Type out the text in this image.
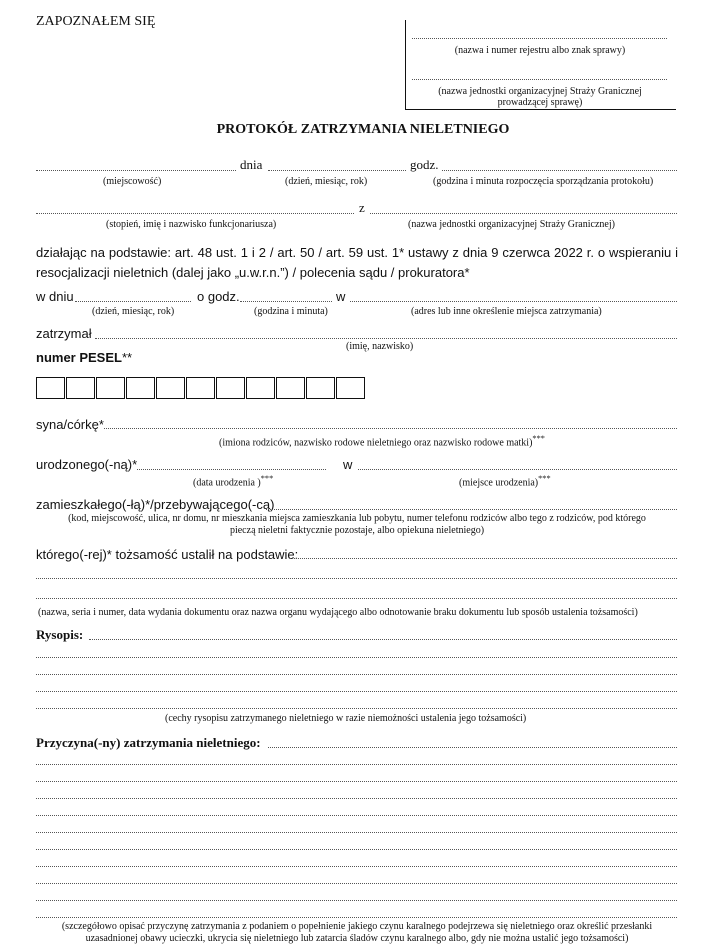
ZAPOZNAŁEM SIĘ
(nazwa i numer rejestru albo znak sprawy)
(nazwa jednostki organizacyjnej Straży Granicznej
prowadzącej sprawę)
PROTOKÓŁ ZATRZYMANIA NIELETNIEGO
dnia	godz.
(miejscowość)	(dzień, miesiąc, rok)	(godzina i minuta rozpoczęcia sporządzania protokołu)
z
(stopień, imię i nazwisko funkcjonariusza)	(nazwa jednostki organizacyjnej Straży Granicznej)
działając na podstawie: art. 48 ust. 1 i 2 / art. 50 / art. 59 ust. 1* ustawy z dnia 9 czerwca 2022 r. o wspieraniu i resocjalizacji nieletnich (dalej jako „u.w.r.n.”) / polecenia sądu / prokuratora*
w dniu	o godz.	w
(dzień, miesiąc, rok)	(godzina i minuta)	(adres lub inne określenie miejsca zatrzymania)
zatrzymał
(imię, nazwisko)
numer PESEL**
syna/córkę*
(imiona rodziców, nazwisko rodowe nieletniego oraz nazwisko rodowe matki)***
urodzonego(-ną)*	w
(data urodzenia )***	(miejsce urodzenia)***
zamieszkałego(-łą)*/przebywającego(-cą)
(kod, miejscowość, ulica, nr domu, nr mieszkania miejsca zamieszkania lub pobytu, numer telefonu rodziców albo tego z rodziców, pod którego
pieczą nieletni faktycznie pozostaje, albo opiekuna nieletniego)
którego(-rej)* tożsamość ustalił na podstawie:
(nazwa, seria i numer, data wydania dokumentu oraz nazwa organu wydającego albo odnotowanie braku dokumentu lub sposób ustalenia tożsamości)
Rysopis:
(cechy rysopisu zatrzymanego nieletniego w razie niemożności ustalenia jego tożsamości)
Przyczyna(-ny) zatrzymania nieletniego:
(szczegółowo opisać przyczynę zatrzymania z podaniem o popełnienie jakiego czynu karalnego podejrzewa się nieletniego oraz określić przesłanki
uzasadnionej obawy ucieczki, ukrycia się nieletniego lub zatarcia śladów czynu karalnego albo, gdy nie można ustalić jego tożsamości)
